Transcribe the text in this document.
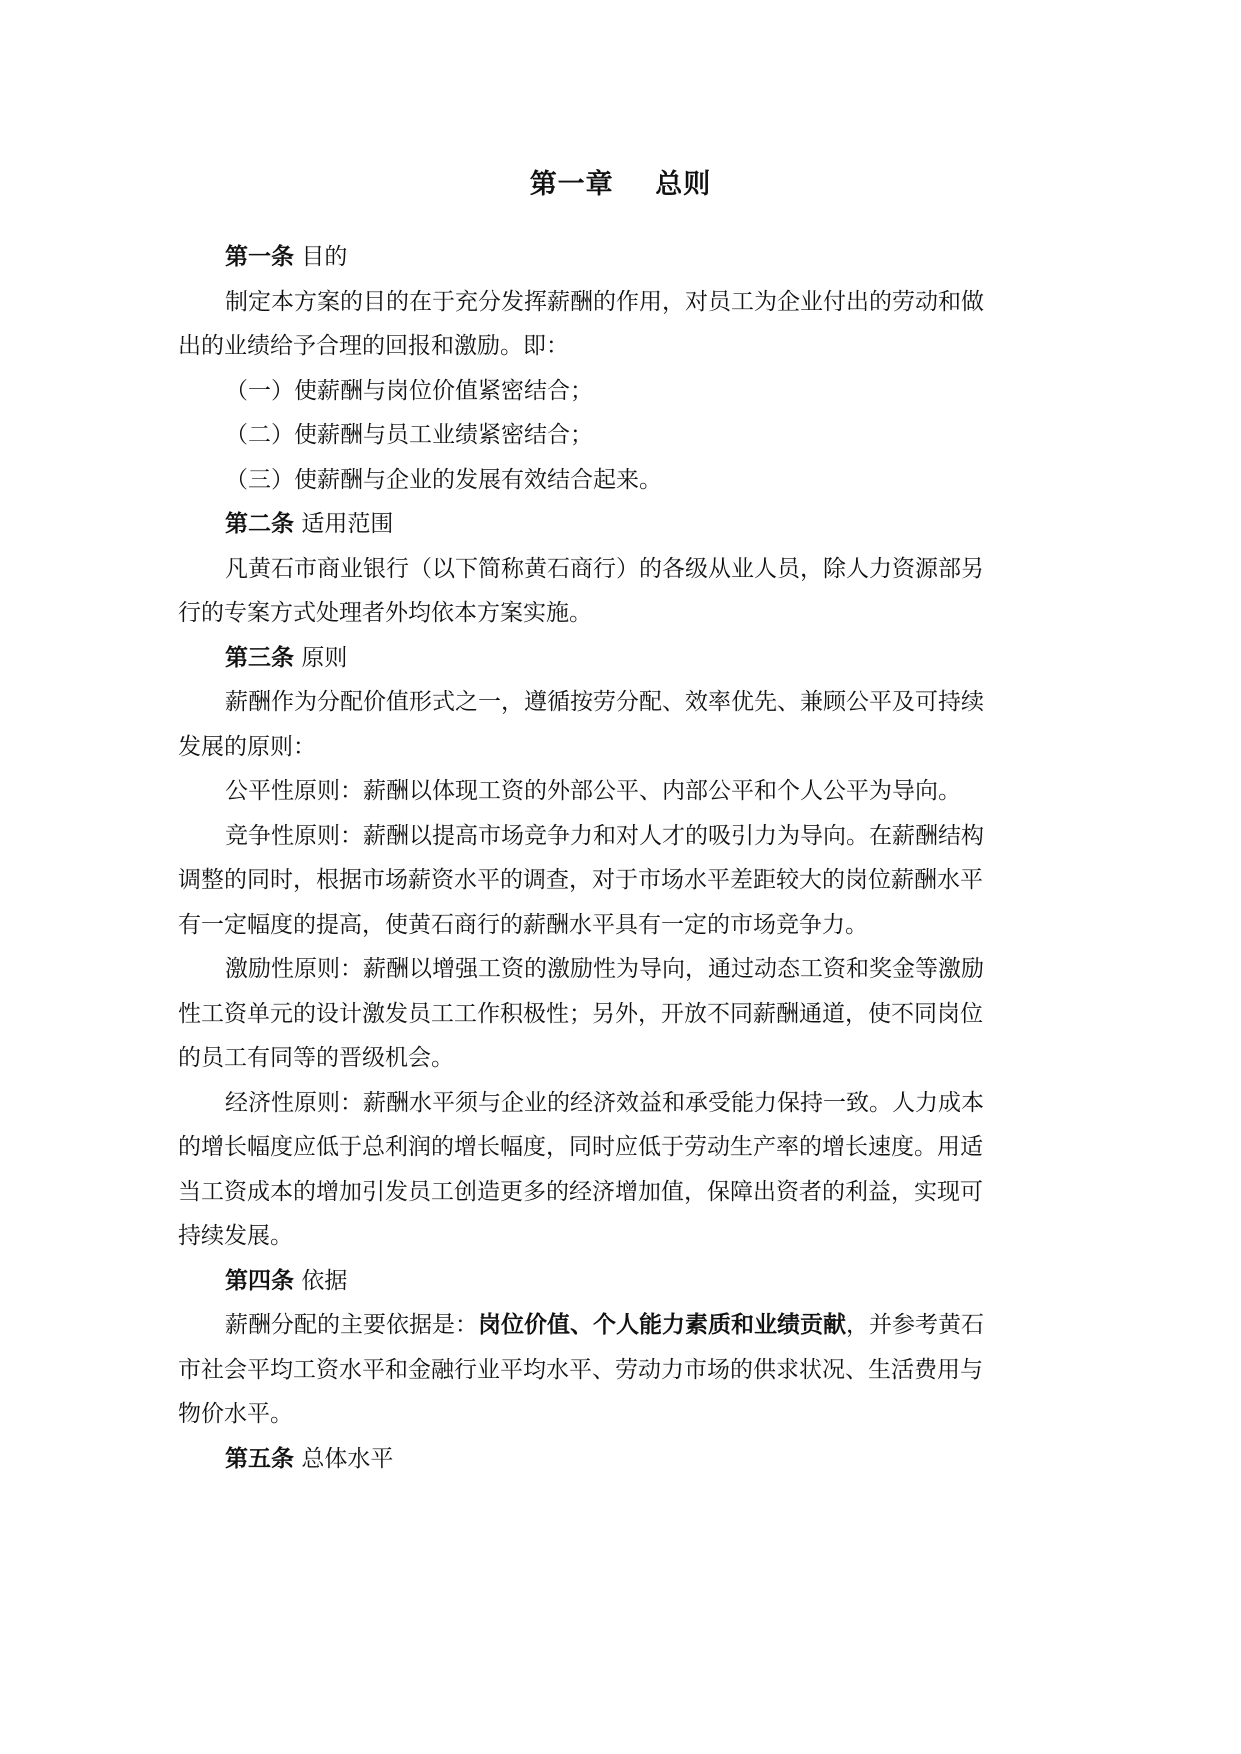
第一章    总则

第一条 目的

制定本方案的目的在于充分发挥薪酬的作用，对员工为企业付出的劳动和做

出的业绩给予合理的回报和激励。即：

（一）使薪酬与岗位价值紧密结合；

（二）使薪酬与员工业绩紧密结合；

（三）使薪酬与企业的发展有效结合起来。

第二条 适用范围

凡黄石市商业银行（以下简称黄石商行）的各级从业人员，除人力资源部另

行的专案方式处理者外均依本方案实施。

第三条 原则

薪酬作为分配价值形式之一，遵循按劳分配、效率优先、兼顾公平及可持续

发展的原则：

公平性原则：薪酬以体现工资的外部公平、内部公平和个人公平为导向。

竞争性原则：薪酬以提高市场竞争力和对人才的吸引力为导向。在薪酬结构

调整的同时，根据市场薪资水平的调查，对于市场水平差距较大的岗位薪酬水平

有一定幅度的提高，使黄石商行的薪酬水平具有一定的市场竞争力。

激励性原则：薪酬以增强工资的激励性为导向，通过动态工资和奖金等激励

性工资单元的设计激发员工工作积极性；另外，开放不同薪酬通道，使不同岗位

的员工有同等的晋级机会。

经济性原则：薪酬水平须与企业的经济效益和承受能力保持一致。人力成本

的增长幅度应低于总利润的增长幅度，同时应低于劳动生产率的增长速度。用适

当工资成本的增加引发员工创造更多的经济增加值，保障出资者的利益，实现可

持续发展。

第四条 依据

薪酬分配的主要依据是：岗位价值、个人能力素质和业绩贡献，并参考黄石

市社会平均工资水平和金融行业平均水平、劳动力市场的供求状况、生活费用与

物价水平。

第五条 总体水平
